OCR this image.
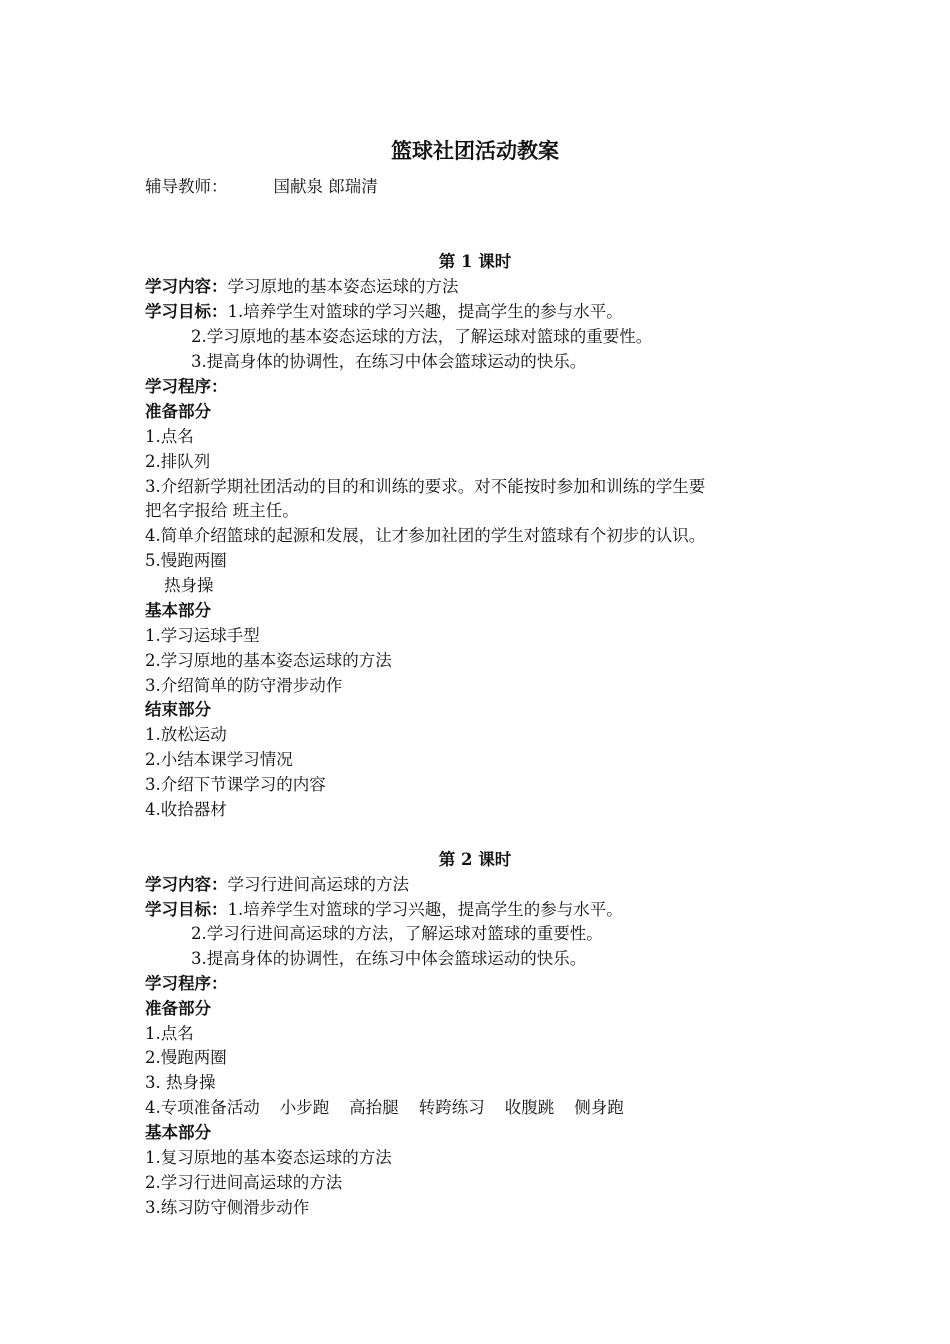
篮球社团活动教案
辅导教师：	国献泉 郎瑞清
第 1 课时
学习内容：学习原地的基本姿态运球的方法
学习目标：1.培养学生对篮球的学习兴趣，提高学生的参与水平。
2.学习原地的基本姿态运球的方法，了解运球对篮球的重要性。
3.提高身体的协调性，在练习中体会篮球运动的快乐。
学习程序：
准备部分
1.点名
2.排队列
3.介绍新学期社团活动的目的和训练的要求。对不能按时参加和训练的学生要
把名字报给 班主任。
4.简单介绍篮球的起源和发展，让才参加社团的学生对篮球有个初步的认识。
5.慢跑两圈
热身操
基本部分
1.学习运球手型
2.学习原地的基本姿态运球的方法
3.介绍简单的防守滑步动作
结束部分
1.放松运动
2.小结本课学习情况
3.介绍下节课学习的内容
4.收拾器材
第 2 课时
学习内容：学习行进间高运球的方法
学习目标：1.培养学生对篮球的学习兴趣，提高学生的参与水平。
2.学习行进间高运球的方法，了解运球对篮球的重要性。
3.提高身体的协调性，在练习中体会篮球运动的快乐。
学习程序：
准备部分
1.点名
2.慢跑两圈
3. 热身操
4.专项准备活动 小步跑 高抬腿 转跨练习 收腹跳 侧身跑
基本部分
1.复习原地的基本姿态运球的方法
2.学习行进间高运球的方法
3.练习防守侧滑步动作
